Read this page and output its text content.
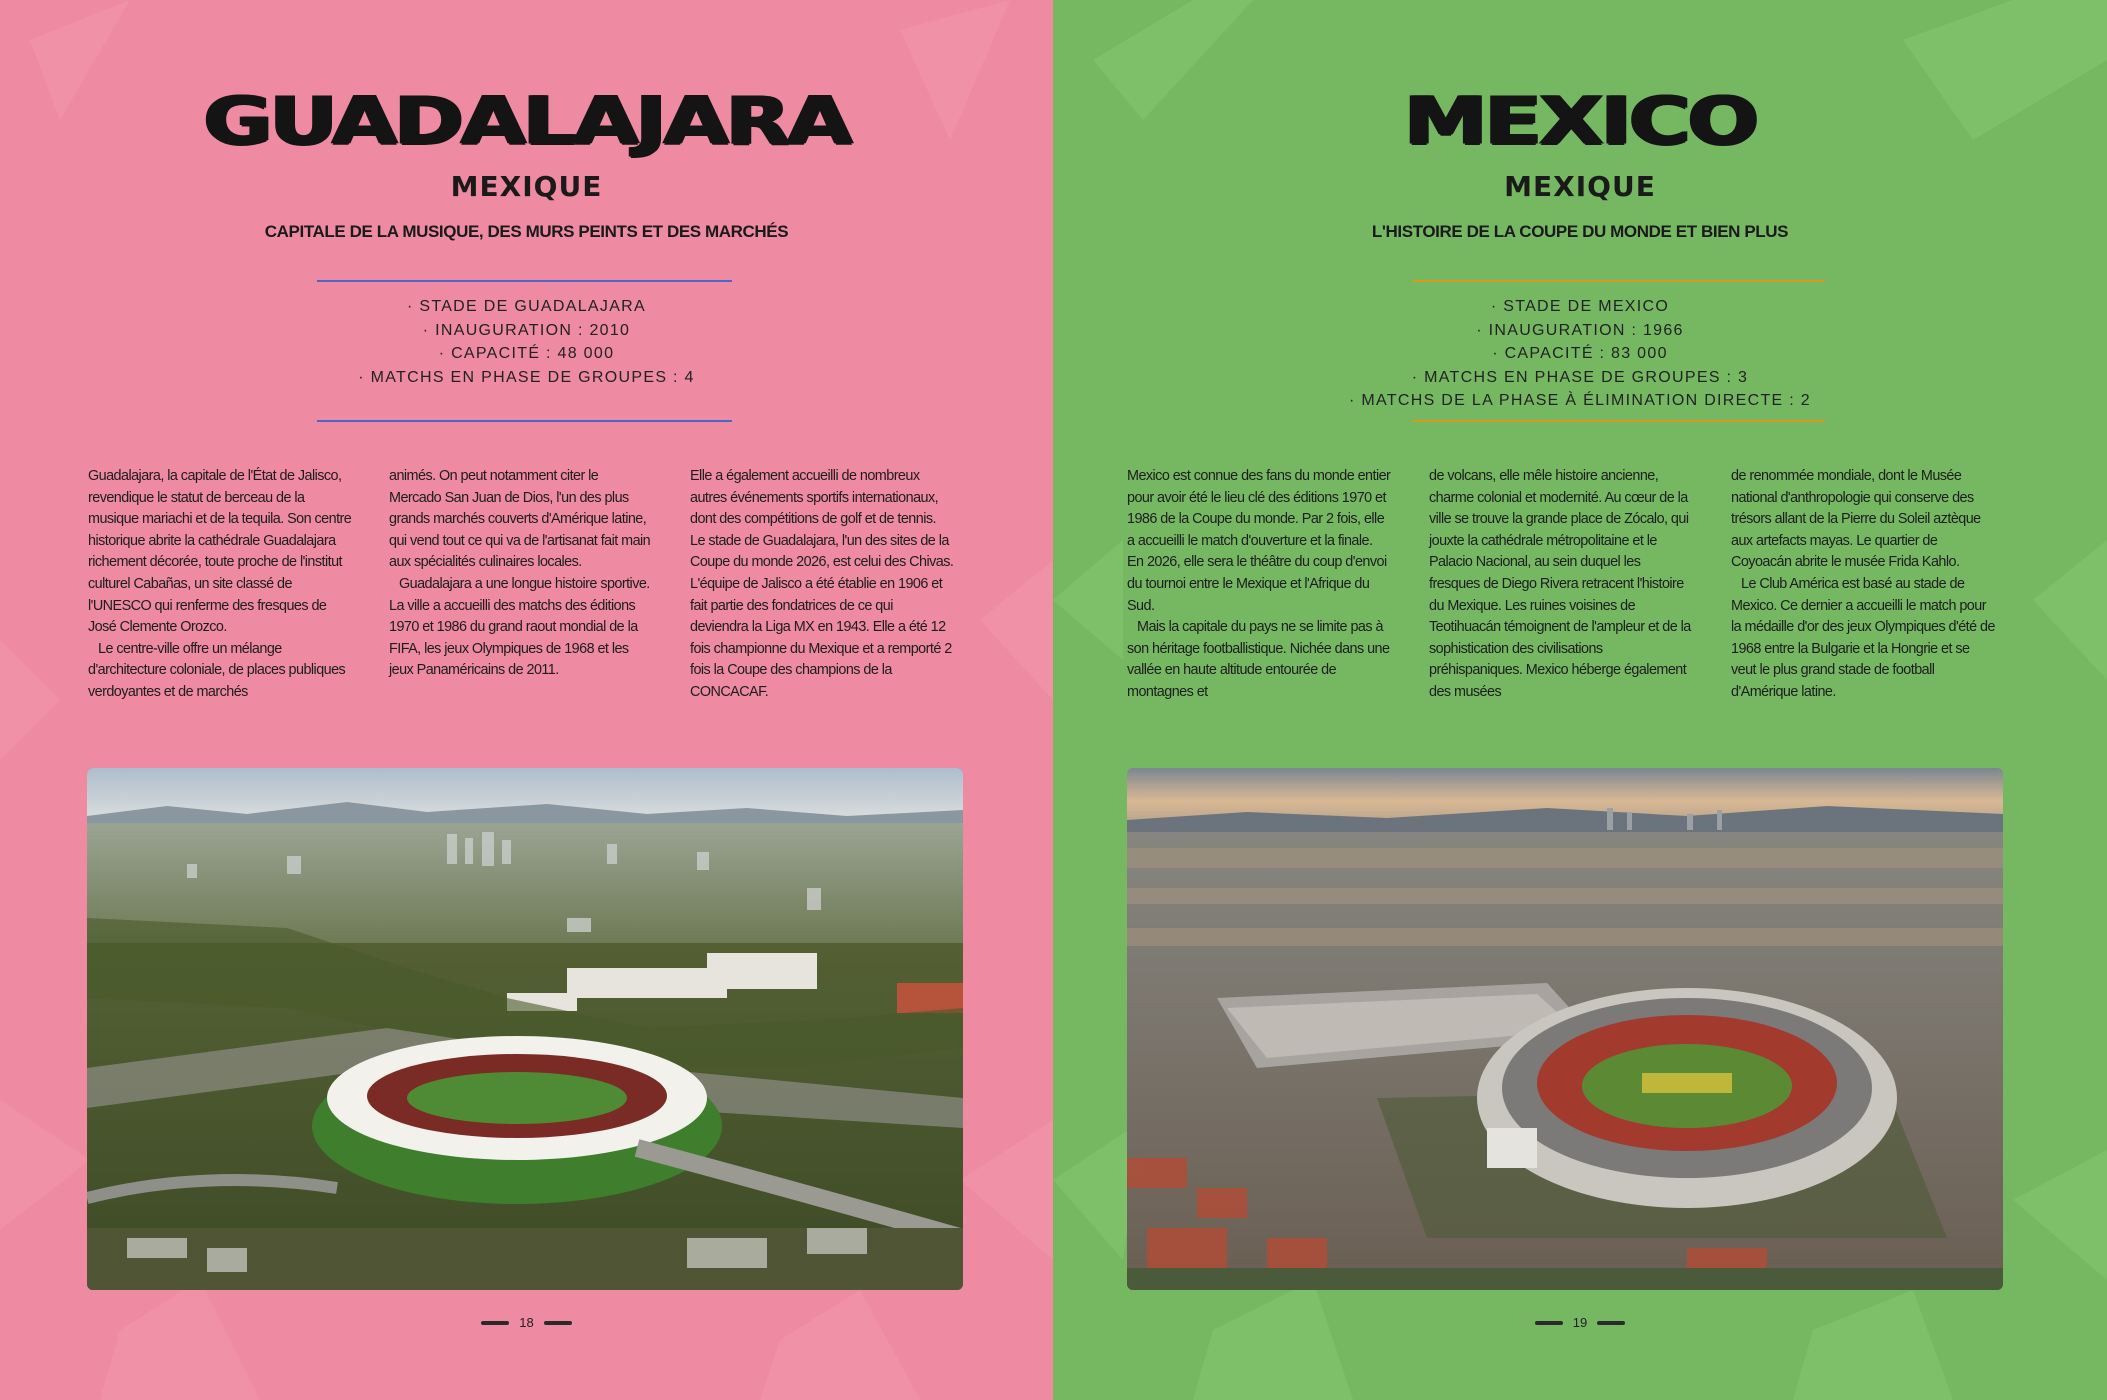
GUADALAJARA
MEXIQUE
CAPITALE DE LA MUSIQUE, DES MURS PEINTS ET DES MARCHÉS
· STADE DE GUADALAJARA
· INAUGURATION : 2010
· CAPACITÉ : 48 000
· MATCHS EN PHASE DE GROUPES : 4

Guadalajara, la capitale de l'État de Jalisco, revendique le statut de berceau de la musique mariachi et de la tequila. Son centre historique abrite la cathédrale Guadalajara richement décorée, toute proche de l'institut culturel Cabañas, un site classé de l'UNESCO qui renferme des fresques de José Clemente Orozco.

Le centre-ville offre un mélange d'architecture coloniale, de places publiques verdoyantes et de marchés

animés. On peut notamment citer le Mercado San Juan de Dios, l'un des plus grands marchés couverts d'Amérique latine, qui vend tout ce qui va de l'artisanat fait main aux spécialités culinaires locales.

Guadalajara a une longue histoire sportive. La ville a accueilli des matchs des éditions 1970 et 1986 du grand raout mondial de la FIFA, les jeux Olympiques de 1968 et les jeux Panaméricains de 2011.

Elle a également accueilli de nombreux autres événements sportifs internationaux, dont des compétitions de golf et de tennis. Le stade de Guadalajara, l'un des sites de la Coupe du monde 2026, est celui des Chivas. L'équipe de Jalisco a été établie en 1906 et fait partie des fondatrices de ce qui deviendra la Liga MX en 1943. Elle a été 12 fois championne du Mexique et a remporté 2 fois la Coupe des champions de la CONCACAF.

18
MEXICO
MEXIQUE
L'HISTOIRE DE LA COUPE DU MONDE ET BIEN PLUS
· STADE DE MEXICO
· INAUGURATION : 1966
· CAPACITÉ : 83 000
· MATCHS EN PHASE DE GROUPES : 3
· MATCHS DE LA PHASE À ÉLIMINATION DIRECTE : 2

Mexico est connue des fans du monde entier pour avoir été le lieu clé des éditions 1970 et 1986 de la Coupe du monde. Par 2 fois, elle a accueilli le match d'ouverture et la finale. En 2026, elle sera le théâtre du coup d'envoi du tournoi entre le Mexique et l'Afrique du Sud.

Mais la capitale du pays ne se limite pas à son héritage footballistique. Nichée dans une vallée en haute altitude entourée de montagnes et

de volcans, elle mêle histoire ancienne, charme colonial et modernité. Au cœur de la ville se trouve la grande place de Zócalo, qui jouxte la cathédrale métropolitaine et le Palacio Nacional, au sein duquel les fresques de Diego Rivera retracent l'histoire du Mexique. Les ruines voisines de Teotihuacán témoignent de l'ampleur et de la sophistication des civilisations préhispaniques. Mexico héberge également des musées

de renommée mondiale, dont le Musée national d'anthropologie qui conserve des trésors allant de la Pierre du Soleil aztèque aux artefacts mayas. Le quartier de Coyoacán abrite le musée Frida Kahlo.

Le Club América est basé au stade de Mexico. Ce dernier a accueilli le match pour la médaille d'or des jeux Olympiques d'été de 1968 entre la Bulgarie et la Hongrie et se veut le plus grand stade de football d'Amérique latine.

19
